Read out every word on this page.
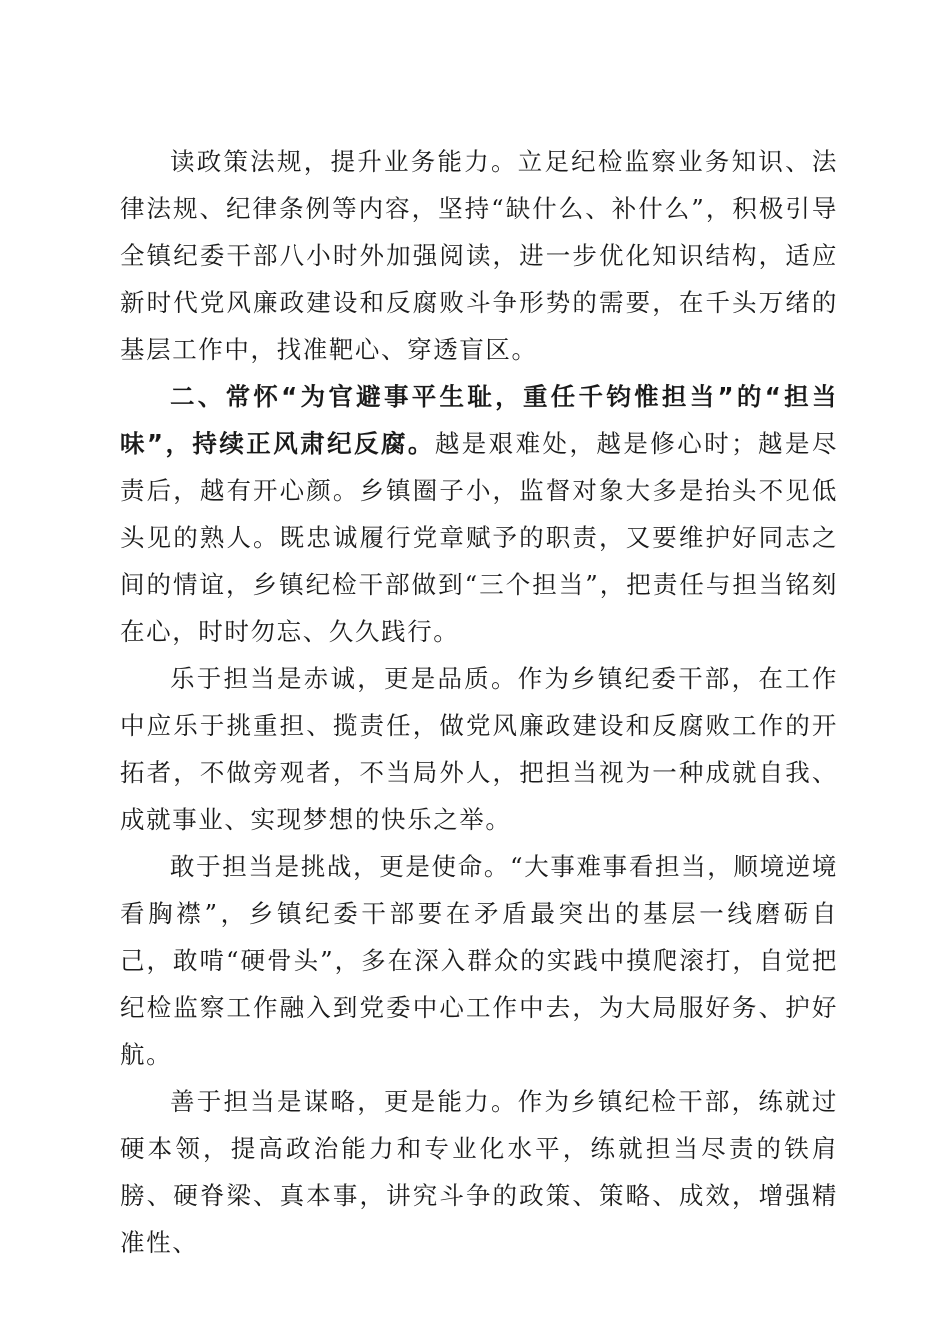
读政策法规，提升业务能力。立足纪检监察业务知识、法律法规、纪律条例等内容，坚持“缺什么、补什么”，积极引导全镇纪委干部八小时外加强阅读，进一步优化知识结构，适应新时代党风廉政建设和反腐败斗争形势的需要，在千头万绪的基层工作中，找准靶心、穿透盲区。

二、常怀“为官避事平生耻，重任千钧惟担当”的“担当味”，持续正风肃纪反腐。越是艰难处，越是修心时；越是尽责后，越有开心颜。乡镇圈子小，监督对象大多是抬头不见低头见的熟人。既忠诚履行党章赋予的职责，又要维护好同志之间的情谊，乡镇纪检干部做到“三个担当”，把责任与担当铭刻在心，时时勿忘、久久践行。

乐于担当是赤诚，更是品质。作为乡镇纪委干部，在工作中应乐于挑重担、揽责任，做党风廉政建设和反腐败工作的开拓者，不做旁观者，不当局外人，把担当视为一种成就自我、成就事业、实现梦想的快乐之举。

敢于担当是挑战，更是使命。“大事难事看担当，顺境逆境看胸襟”，乡镇纪委干部要在矛盾最突出的基层一线磨砺自己，敢啃“硬骨头”，多在深入群众的实践中摸爬滚打，自觉把纪检监察工作融入到党委中心工作中去，为大局服好务、护好航。

善于担当是谋略，更是能力。作为乡镇纪检干部，练就过硬本领，提高政治能力和专业化水平，练就担当尽责的铁肩膀、硬脊梁、真本事，讲究斗争的政策、策略、成效，增强精准性、
